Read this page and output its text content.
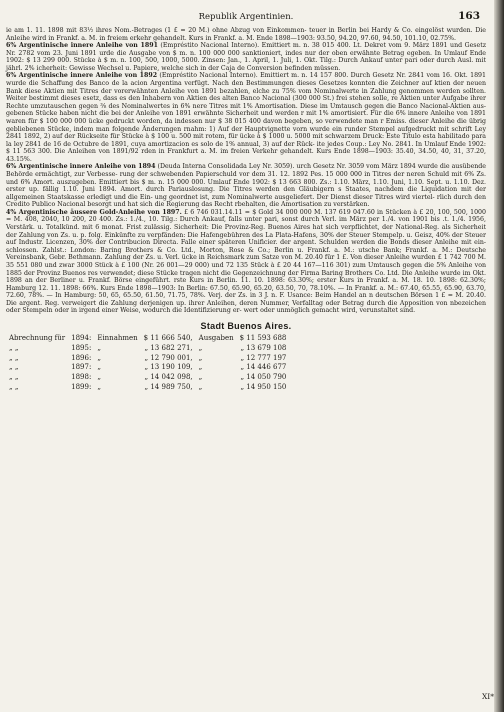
Republik Argentinien.	163

ie am 1. 11. 1898 mit 83½ ihres Nom.-Betrages (1 £ = 20 M.) ohne Abzug von Einkommen- teuer in Berlin bei Hardy & Co. eingelöst wurden. Die Anleihe wird in Frankf. a. M. in freiem erkehr gehandelt. Kurs in Frankf. a. M. Ende 1898—1903: 93.50, 94.20, 97.60, 94.50, 101.10, 02.75%.

6% Argentinische innere Anleihe von 1891 (Empréstito Nacional Interno). Emittiert m. n. 38 015 400. Lt. Dekret vom 9. März 1891 und Gesetz Nr. 2782 vom 23. Juni 1891 urde die Ausgabe von $ m. n. 100 000 000 sanktioniert, indes nur der oben erwähnte Betrag egeben. In Umlauf Ende 1902: $ 13 299 000. Stücke à $ m. n. 100, 500, 1000, 5000. Zinsen: Jan., 1. April, 1. Juli, 1. Okt. Tilg.: Durch Ankauf unter pari oder durch Ausl. mit jährl. 2% icherheit: Gewisse Wechsel u. Papiere, welche sich in der Caja de Conversion befinden müssen.

6% Argentinische innere Anleihe von 1892 (Empréstito Nacional Interno). Emittiert m. n. 14 157 800. Durch Gesetz Nr. 2841 vom 16. Okt. 1891 wurde die Schaffung des Banco de la acion Argentina verfügt. Nach den Bestimmungen dieses Gesetzes konnten die Zeichner auf ktien der neuen Bank diese Aktien mit Titres der vorerwähnten Anleihe von 1891 bezahlen, elche zu 75% vom Nominalwerte in Zahlung genommen werden sollten. Weiter bestimmt dieses esetz, dass es den Inhabern von Aktien des alten Banco Nacional (300 000 St.) frei stehen solle, re Aktien unter Aufgabe ihrer Rechte umzutauschen gegen ⅜ des Nominalwertes in 6% nere Titres mit 1% Amortisation. Diese im Umtausch gegen die Banco Nacional-Aktien aus- gebenen Stücke haben nicht die bei der Anleihe von 1891 erwähnte Sicherheit und werden r mit 1% amortisiert. Für die 6% innere Anleihe von 1891 waren für $ 100 000 000 ücke gedruckt worden, da indessen nur $ 38 015 400 davon begeben, so verwendete man r Emiss. dieser Anleihe die übrig gebliebenen Stücke, indem man folgende Änderungen rnahm: 1) Auf der Hauptvignette vorn wurde ein runder Stempel aufgedruckt mit schrift Ley 2841 1892, 2) auf der Rückseite für Stücke à $ 100 u. 500 mit rotem, für ücke à $ 1000 u. 5000 mit schwarzem Druck: Este Titulo esta habilitado para la ley 2841 de 16 de Octubre de 1891, cuya amortizacion es solo de 1% annual, 3) auf der Rück- ite jedes Coup.: Ley No. 2841. In Umlauf Ende 1902: $ 11 563 300. Die Anleihen von 1891/92 rden in Frankfurt a. M. im freien Verkehr gehandelt. Kurs Ende 1898—1903: 35.40, 34.50, 40, 31, 37.20, 43.15%.

6% Argentinische innere Anleihe von 1894 (Deuda Interna Consolidada Ley Nr. 3059). urch Gesetz Nr. 3059 vom März 1894 wurde die ausübende Behörde ermächtigt, zur Verbesse- rung der schwebenden Papierschuld vor dem 31. 12. 1892 Pes. 15 000 000 in Titres der neren Schuld mit 6% Zs. und 6% Amort. auszugeben. Emittiert bis $ m. n. 15 000 000. Umlauf Ende 1902: $ 13 663 800. Zs.: 1.10. März, 1.10. Juni, 1.10. Sept. u. 1.10. Dez. erster up. fällig 1.10. Juni 1894. Amort. durch Pariauslosung. Die Titres werden den Gläubigern s Staates, nachdem die Liquidation mit der allgemeinen Staatskasse erledigt und die Ein- ung geordnet ist, zum Nominalwerte ausgeliefert. Der Dienst dieser Titres wird viertel- rlich durch den Credito Publico Nacional besorgt und hat sich die Regierung das Recht rbehalten, die Amortisation zu verstärken.

4% Argentinische äussere Gold-Anleihe von 1897. £ 6 746 031.14.11 = $ Gold 34 000 000 M. 137 619 047.60 in Stücken à £ 20, 100, 500, 1000 = M. 408, 2040, 10 200, 20 400. Zs.: 1./4., 10. Tilg.: Durch Ankauf, falls unter pari, sonst durch Verl. im März per 1./4. von 1901 bis .t. 1./4. 1956, Verstärk. u. Totalkünd. mit 6 monat. Frist zulässig. Sicherheit: Die Provinz-Reg. Buenos Aires hat sich verpflichtet, der National-Reg. als Sicherheit der Zahlung von Zs. u. p. folg. Einkünfte zu verpfänden: Die Hafengebühren des La Plata-Hafens, 30% der Steuer Stempelp. u. Geisz, 40% der Steuer auf Industr. Licenzen, 30% der Contribucion Directa. Falle einer späteren Unificier. der argent. Schulden werden die Bonds dieser Anleihe mit ein- schlossen. Zahlst.: London: Baring Brothers & Co. Ltd., Morton, Rose & Co.; Berlin u. Frankf. a. M.: utsche Bank; Frankf. a. M.: Deutsche Vereinsbank, Gebr. Bethmann. Zahlung der Zs. u. Verl. ücke in Reichsmark zum Satze von M. 20.40 für 1 £. Von dieser Anleihe wurden £ 1 742 700 M. 35 551 080 und zwar 3000 Stück à £ 100 (Nr. 26 001—29 000) und 72 135 Stück à £ 20 44 167—116 301) zum Umtausch gegen die 5% Anleihe von 1885 der Provinz Buenos res verwendet; diese Stücke tragen nicht die Gegenzeichnung der Firma Baring Brothers Co. Ltd. Die Anleihe wurde im Okt. 1898 an der Berliner u. Frankf. Börse eingeführt. rste Kurs in Berlin. 11. 10. 1898: 63.30%; erster Kurs in Frankf. a. M. 18. 10. 1898: 62.30%; Hamburg 12. 11. 1898: 66%. Kurs Ende 1898—1903: In Berlin: 67.50, 65.90, 65.20, 63.50, 70, 78.10%. — In Frankf. a. M.: 67.40, 65.55, 65.90, 63.70, 72.60, 78%. — In Hamburg: 50, 65, 65.50, 61.50, 71.75, 78%. Verj. der Zs. in 3 J. n. F. Usance: Beim Handel an n deutschen Börsen 1 £ = M. 20.40. Die argent. Reg. verweigert die Zahlung derjenigen up. ihrer Anleihen, deren Nummer, Verfalltag oder Betrag durch die Apposition von nbezeichen oder Stempeln oder in irgend einer Weise, wodurch die Identifizierung er- wert oder unmöglich gemacht wird, verunstaltet sind.

Stadt Buenos Aires.
Abrechnung für	1894:	Einnahmen	$ 11 666 540,	Ausgaben	$ 11 593 688
„ „	1895:	„	„ 13 682 271,	„	„ 13 679 108
„ „	1896:	„	„ 12 790 001,	„	„ 12 777 197
„ „	1897:	„	„ 13 190 109,	„	„ 14 446 677
„ „	1898:	„	„ 14 042 098,	„	„ 14 050 790
„ „	1899:	„	„ 14 989 750,	„	„ 14 950 150
XI*
